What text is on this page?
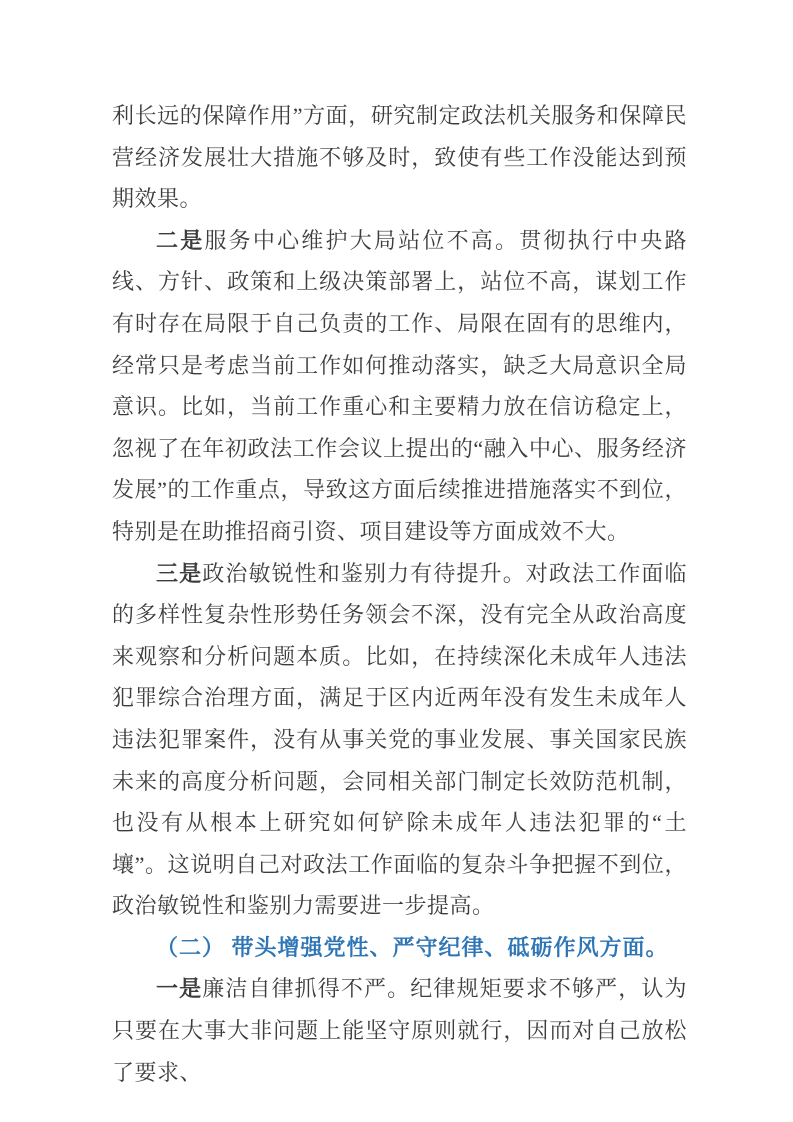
利长远的保障作用”方面，研究制定政法机关服务和保障民营经济发展壮大措施不够及时，致使有些工作没能达到预期效果。

二是服务中心维护大局站位不高。贯彻执行中央路线、方针、政策和上级决策部署上，站位不高，谋划工作有时存在局限于自己负责的工作、局限在固有的思维内，经常只是考虑当前工作如何推动落实，缺乏大局意识全局意识。比如，当前工作重心和主要精力放在信访稳定上，忽视了在年初政法工作会议上提出的“融入中心、服务经济发展”的工作重点，导致这方面后续推进措施落实不到位，特别是在助推招商引资、项目建设等方面成效不大。

三是政治敏锐性和鉴别力有待提升。对政法工作面临的多样性复杂性形势任务领会不深，没有完全从政治高度来观察和分析问题本质。比如，在持续深化未成年人违法犯罪综合治理方面，满足于区内近两年没有发生未成年人违法犯罪案件，没有从事关党的事业发展、事关国家民族未来的高度分析问题，会同相关部门制定长效防范机制，也没有从根本上研究如何铲除未成年人违法犯罪的“土壤”。这说明自己对政法工作面临的复杂斗争把握不到位，政治敏锐性和鉴别力需要进一步提高。

（二） 带头增强党性、严守纪律、砥砺作风方面。

一是廉洁自律抓得不严。纪律规矩要求不够严，认为只要在大事大非问题上能坚守原则就行，因而对自己放松了要求、
